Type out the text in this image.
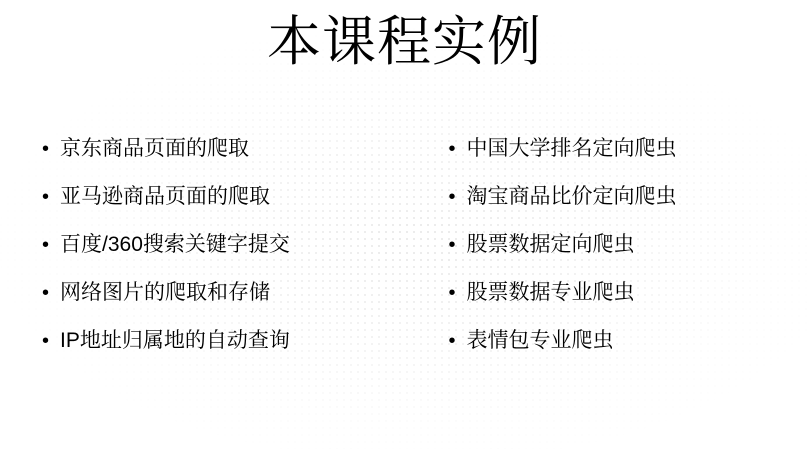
本课程实例
• 京东商品页面的爬取
• 亚马逊商品页面的爬取
• 百度/360搜索关键字提交
• 网络图片的爬取和存储
• IP地址归属地的自动查询
• 中国大学排名定向爬虫
• 淘宝商品比价定向爬虫
• 股票数据定向爬虫
• 股票数据专业爬虫
• 表情包专业爬虫
